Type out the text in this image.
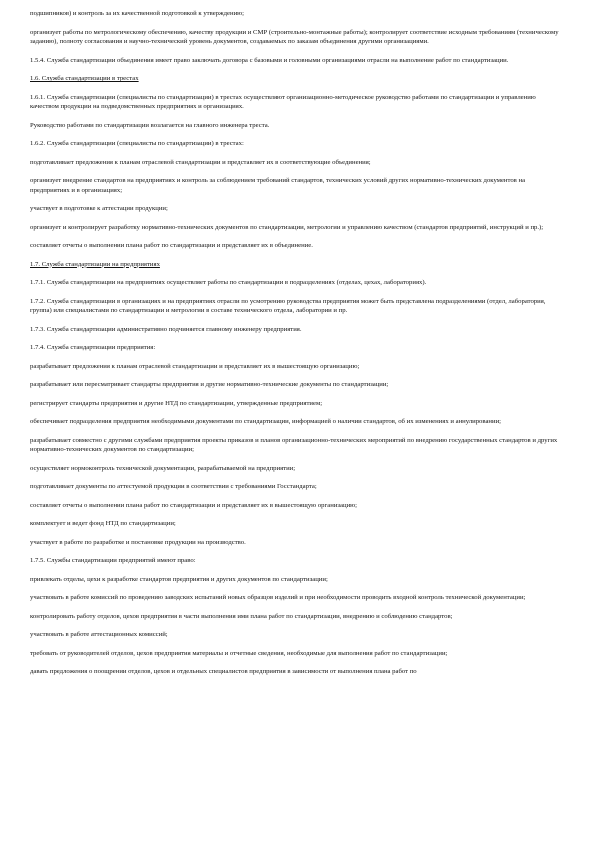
подшипников) и контроль за их качественной подготовкой к утверждению;

организует работы по метрологическому обеспечению, качеству продукции и СМР (строительно-монтажные работы); контролирует соответствие исходным требованиям (техническому заданию), полноту согласования и научно-технический уровень документов, создаваемых по заказам объединения другими организациями.

1.5.4. Служба стандартизации объединения имеет право заключать договора с базовыми и головными организациями отрасли на выполнение работ по стандартизации.

1.6. Служба стандартизации в трестах

1.6.1. Служба стандартизации (специалисты по стандартизации) в трестах осуществляют организационно-методическое руководство работами по стандартизации и управлению качеством продукции на подведомственных предприятиях и организациях.

Руководство работами по стандартизации возлагается на главного инженера треста.

1.6.2. Служба стандартизации (специалисты по стандартизации) в трестах:

подготавливает предложения к планам отраслевой стандартизации и представляет их в соответствующие объединения;

организует внедрение стандартов на предприятиях и контроль за соблюдением требований стандартов, технических условий других нормативно-технических документов на предприятиях и в организациях;

участвует в подготовке к аттестации продукции;

организует и контролирует разработку нормативно-технических документов по стандартизации, метрологии и управлению качеством (стандартов предприятий, инструкций и пр.);

составляет отчеты о выполнении плана работ по стандартизации и представляет их в объединение.

1.7. Служба стандартизации на предприятиях

1.7.1. Служба стандартизации на предприятиях осуществляет работы по стандартизации в подразделениях (отделах, цехах, лабораториях).

1.7.2. Служба стандартизации в организациях и на предприятиях отрасли по усмотрению руководства предприятия может быть представлена подразделениями (отдел, лаборатория, группа) или специалистами по стандартизации и метрологии в составе технического отдела, лаборатории и пр.

1.7.3. Служба стандартизации административно подчиняется главному инженеру предприятия.

1.7.4. Служба стандартизации предприятия:

разрабатывает предложения к планам отраслевой стандартизации и представляет их в вышестоящую организацию;

разрабатывает или пересматривает стандарты предприятия и другие нормативно-технические документы по стандартизации;

регистрирует стандарты предприятия и другие НТД по стандартизации, утвержденные предприятием;

обеспечивает подразделения предприятия необходимыми документами по стандартизации, информацией о наличии стандартов, об их изменениях и аннулировании;

разрабатывает совместно с другими службами предприятия проекты приказов и планов организационно-технических мероприятий по внедрению государственных стандартов и других нормативно-технических документов по стандартизации;

осуществляет нормоконтроль технической документации, разрабатываемой на предприятии;

подготавливает документы по аттестуемой продукции в соответствии с требованиями Госстандарта;

составляет отчеты о выполнении плана работ по стандартизации и представляет их в вышестоящую организацию;

комплектует и ведет фонд НТД по стандартизации;

участвует в работе по разработке и постановке продукции на производство.

1.7.5. Службы стандартизации предприятий имеют право:

привлекать отделы, цехи к разработке стандартов предприятия и других документов по стандартизации;

участвовать в работе комиссий по проведению заводских испытаний новых образцов изделий и при необходимости проводить входной контроль технической документации;

контролировать работу отделов, цехов предприятия в части выполнения ими плана работ по стандартизации, внедрению и соблюдению стандартов;

участвовать в работе аттестационных комиссий;

требовать от руководителей отделов, цехов предприятия материалы и отчетные сведения, необходимые для выполнения работ по стандартизации;

давать предложения о поощрении отделов, цехов и отдельных специалистов предприятия в зависимости от выполнения плана работ по
